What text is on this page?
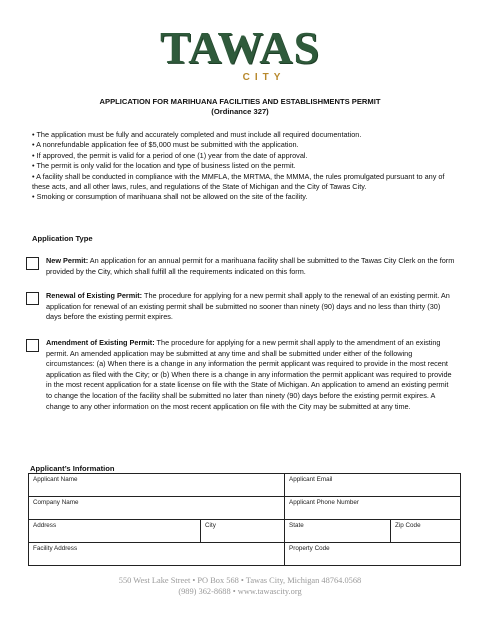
TAWAS
CITY
APPLICATION FOR MARIHUANA FACILITIES AND ESTABLISHMENTS PERMIT
(Ordinance 327)
• The application must be fully and accurately completed and must include all required documentation.
• A nonrefundable application fee of $5,000 must be submitted with the application.
• If approved, the permit is valid for a period of one (1) year from the date of approval.
• The permit is only valid for the location and type of business listed on the permit.
• A facility shall be conducted in compliance with the MMFLA, the MRTMA, the MMMA, the rules promulgated pursuant to any of these acts, and all other laws, rules, and regulations of the State of Michigan and the City of Tawas City.
• Smoking or consumption of marihuana shall not be allowed on the site of the facility.
Application Type
New Permit: An application for an annual permit for a marihuana facility shall be submitted to the Tawas City Clerk on the form provided by the City, which shall fulfill all the requirements indicated on this form.
Renewal of Existing Permit: The procedure for applying for a new permit shall apply to the renewal of an existing permit. An application for renewal of an existing permit shall be submitted no sooner than ninety (90) days and no less than thirty (30) days before the existing permit expires.
Amendment of Existing Permit: The procedure for applying for a new permit shall apply to the amendment of an existing permit. An amended application may be submitted at any time and shall be submitted under either of the following circumstances: (a) When there is a change in any information the permit applicant was required to provide in the most recent application as filed with the City; or (b) When there is a change in any information the permit applicant was required to provide in the most recent application for a state license on file with the State of Michigan. An application to amend an existing permit to change the location of the facility shall be submitted no later than ninety (90) days before the existing permit expires. A change to any other information on the most recent application on file with the City may be submitted at any time.
Applicant’s Information
Applicant Name		Applicant Email	
Company Name		Applicant Phone Number	
Address	City	State	Zip Code
Facility Address		Property Code	
550 West Lake Street • PO Box 568 • Tawas City, Michigan 48764.0568
(989) 362-8688 • www.tawascity.org
